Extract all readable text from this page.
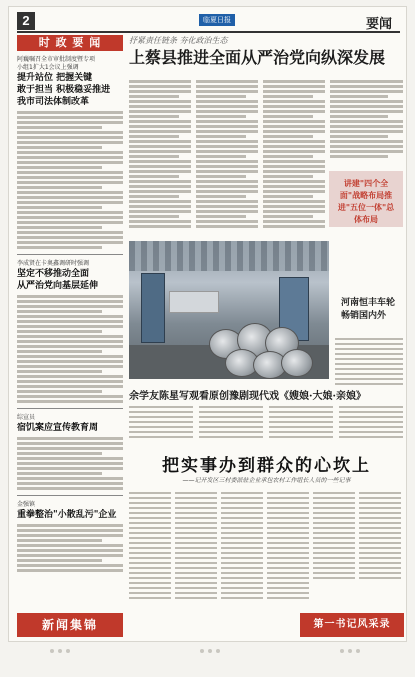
2	临夏日报	要闻
时 政 要 闻
阿巍嘱召全市审批制度暨专项
小组1扩大1会议上强调
提升站位 把握关键
敢于担当 积极稳妥推进
我市司法体制改革
李成贤在卡奥鑫调研时强调
坚定不移推动全面
从严治党向基层延伸
综宣员
宿饥案应宣传教育周
金强镇
重拳整治"小散乱污"企业
新闻集锦
抒紧责任链条 夯化政治生态
上蔡县推进全面从严治党向纵深发展
讲建"四个全面"战略布局推进"五位一体"总体布局
河南恒丰车轮畅销国内外
余学友陈星写观看原创豫剧现代戏《嫂娘·大娘·亲娘》
把实事办到群众的心坎上
——记开发区三村委派驻企业承包农村工作组长人员的一些记事
第一书记风采录
